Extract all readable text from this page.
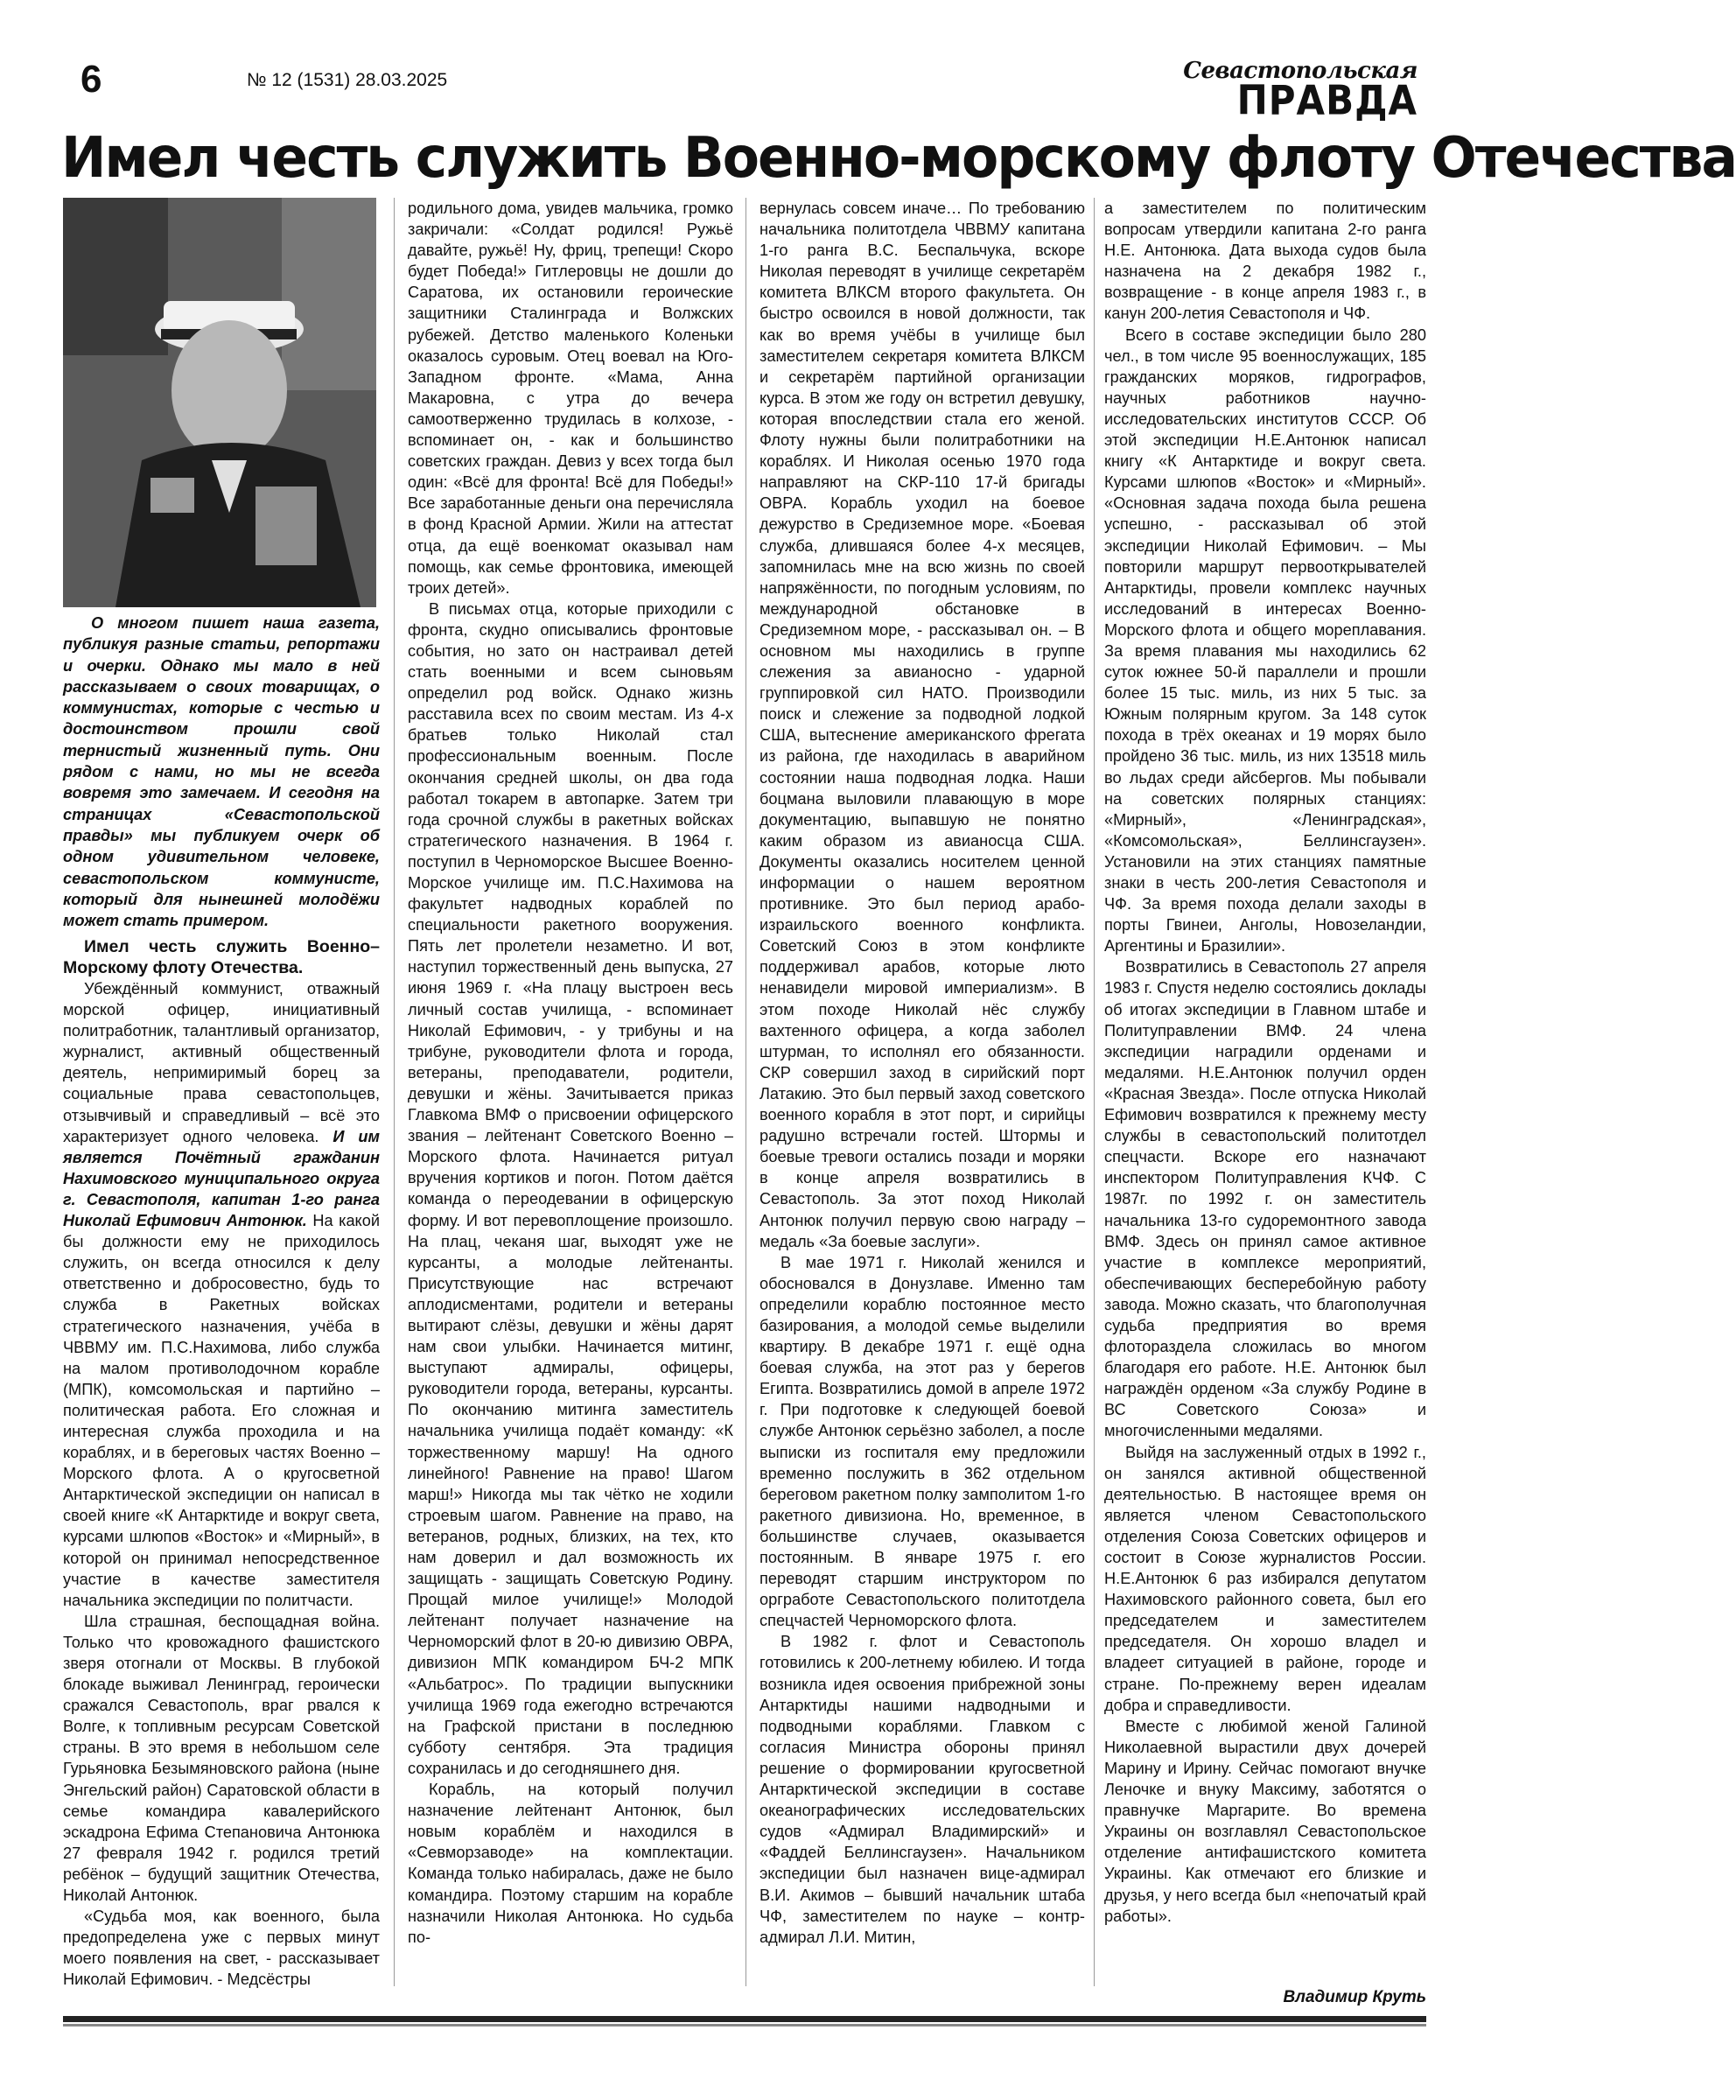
6	№ 12 (1531) 28.03.2025	Севастопольская
ПРАВДА
Имел честь служить Военно-морскому флоту Отечества
О многом пишет наша газета, публикуя разные статьи, репортажи и очерки. Однако мы мало в ней рассказываем о своих товарищах, о коммунистах, которые с честью и достоинством прошли свой тернистый жизненный путь. Они рядом с нами, но мы не всегда вовремя это замечаем. И сегодня на страницах «Севастопольской правды» мы публикуем очерк об одном удивительном человеке, севастопольском коммунисте, который для нынешней молодёжи может стать примером.

Имел честь служить Военно–Морскому флоту Отечества.

Убеждённый коммунист, отважный морской офицер, инициативный политработник, талантливый организатор, журналист, активный общественный деятель, непримиримый борец за социальные права севастопольцев, отзывчивый и справедливый – всё это характеризует одного человека. И им является Почётный гражданин Нахимовского муниципального округа г. Севастополя, капитан 1-го ранга Николай Ефимович Антонюк. На какой бы должности ему не приходилось служить, он всегда относился к делу ответственно и добросовестно, будь то служба в Ракетных войсках стратегического назначения, учёба в ЧВВМУ им. П.С.Нахимова, либо служба на малом противолодочном корабле (МПК), комсомольская и партийно – политическая работа. Его сложная и интересная служба проходила и на кораблях, и в береговых частях Военно – Морского флота. А о кругосветной Антарктической экспедиции он написал в своей книге «К Антарктиде и вокруг света, курсами шлюпов «Восток» и «Мирный», в которой он принимал непосредственное участие в качестве заместителя начальника экспедиции по политчасти.

Шла страшная, беспощадная война. Только что кровожадного фашистского зверя отогнали от Москвы. В глубокой блокаде выживал Ленинград, героически сражался Севастополь, враг рвался к Волге, к топливным ресурсам Советской страны. В это время в небольшом селе Гурьяновка Безымяновского района (ныне Энгельский район) Саратовской области в семье командира кавалерийского эскадрона Ефима Степановича Антонюка 27 февраля 1942 г. родился третий ребёнок – будущий защитник Отечества, Николай Антонюк.

«Судьба моя, как военного, была предопределена уже с первых минут моего появления на свет, - рассказывает Николай Ефимович. - Медсёстры

родильного дома, увидев мальчика, громко закричали: «Солдат родился! Ружьё давайте, ружьё! Ну, фриц, трепещи! Скоро будет Победа!» Гитлеровцы не дошли до Саратова, их остановили героические защитники Сталинграда и Волжских рубежей. Детство маленького Коленьки оказалось суровым. Отец воевал на Юго-Западном фронте. «Мама, Анна Макаровна, с утра до вечера самоотверженно трудилась в колхозе, - вспоминает он, - как и большинство советских граждан. Девиз у всех тогда был один: «Всё для фронта! Всё для Победы!» Все заработанные деньги она перечисляла в фонд Красной Армии. Жили на аттестат отца, да ещё военкомат оказывал нам помощь, как семье фронтовика, имеющей троих детей».

В письмах отца, которые приходили с фронта, скудно описывались фронтовые события, но зато он настраивал детей стать военными и всем сыновьям определил род войск. Однако жизнь расставила всех по своим местам. Из 4-х братьев только Николай стал профессиональным военным. После окончания средней школы, он два года работал токарем в автопарке. Затем три года срочной службы в ракетных войсках стратегического назначения. В 1964 г. поступил в Черноморское Высшее Военно-Морское училище им. П.С.Нахимова на факультет надводных кораблей по специальности ракетного вооружения. Пять лет пролетели незаметно. И вот, наступил торжественный день выпуска, 27 июня 1969 г. «На плацу выстроен весь личный состав училища, - вспоминает Николай Ефимович, - у трибуны и на трибуне, руководители флота и города, ветераны, преподаватели, родители, девушки и жёны. Зачитывается приказ Главкома ВМФ о присвоении офицерского звания – лейтенант Советского Военно – Морского флота. Начинается ритуал вручения кортиков и погон. Потом даётся команда о переодевании в офицерскую форму. И вот перевоплощение произошло. На плац, чеканя шаг, выходят уже не курсанты, а молодые лейтенанты. Присутствующие нас встречают аплодисментами, родители и ветераны вытирают слёзы, девушки и жёны дарят нам свои улыбки. Начинается митинг, выступают адмиралы, офицеры, руководители города, ветераны, курсанты. По окончанию митинга заместитель начальника училища подаёт команду: «К торжественному маршу! На одного линейного! Равнение на право! Шагом марш!» Никогда мы так чётко не ходили строевым шагом. Равнение на право, на ветеранов, родных, близких, на тех, кто нам доверил и дал возможность их защищать - защищать Советскую Родину. Прощай милое училище!» Молодой лейтенант получает назначение на Черноморский флот в 20-ю дивизию ОВРА, дивизион МПК командиром БЧ-2 МПК «Альбатрос». По традиции выпускники училища 1969 года ежегодно встречаются на Графской пристани в последнюю субботу сентября. Эта традиция сохранилась и до сегодняшнего дня.

Корабль, на который получил назначение лейтенант Антонюк, был новым кораблём и находился в «Севморзаводе» на комплектации. Команда только набиралась, даже не было командира. Поэтому старшим на корабле назначили Николая Антонюка. Но судьба по-

вернулась совсем иначе… По требованию начальника политотдела ЧВВМУ капитана 1-го ранга В.С. Беспальчука, вскоре Николая переводят в училище секретарём комитета ВЛКСМ второго факультета. Он быстро освоился в новой должности, так как во время учёбы в училище был заместителем секретаря комитета ВЛКСМ и секретарём партийной организации курса. В этом же году он встретил девушку, которая впоследствии стала его женой. Флоту нужны были политработники на кораблях. И Николая осенью 1970 года направляют на СКР-110 17-й бригады ОВРА. Корабль уходил на боевое дежурство в Средиземное море. «Боевая служба, длившаяся более 4-х месяцев, запомнилась мне на всю жизнь по своей напряжённости, по погодным условиям, по международной обстановке в Средиземном море, - рассказывал он. – В основном мы находились в группе слежения за авианосно - ударной группировкой сил НАТО. Производили поиск и слежение за подводной лодкой США, вытеснение американского фрегата из района, где находилась в аварийном состоянии наша подводная лодка. Наши боцмана выловили плавающую в море документацию, выпавшую не понятно каким образом из авианосца США. Документы оказались носителем ценной информации о нашем вероятном противнике. Это был период арабо-израильского военного конфликта. Советский Союз в этом конфликте поддерживал арабов, которые люто ненавидели мировой империализм». В этом походе Николай нёс службу вахтенного офицера, а когда заболел штурман, то исполнял его обязанности. СКР совершил заход в сирийский порт Латакию. Это был первый заход советского военного корабля в этот порт, и сирийцы радушно встречали гостей. Штормы и боевые тревоги остались позади и моряки в конце апреля возвратились в Севастополь. За этот поход Николай Антонюк получил первую свою награду – медаль «За боевые заслуги».

В мае 1971 г. Николай женился и обосновался в Донузлаве. Именно там определили кораблю постоянное место базирования, а молодой семье выделили квартиру. В декабре 1971 г. ещё одна боевая служба, на этот раз у берегов Египта. Возвратились домой в апреле 1972 г. При подготовке к следующей боевой службе Антонюк серьёзно заболел, а после выписки из госпиталя ему предложили временно послужить в 362 отдельном береговом ракетном полку замполитом 1-го ракетного дивизиона. Но, временное, в большинстве случаев, оказывается постоянным. В январе 1975 г. его переводят старшим инструктором по оргработе Севастопольского политотдела спецчастей Черноморского флота.

В 1982 г. флот и Севастополь готовились к 200-летнему юбилею. И тогда возникла идея освоения прибрежной зоны Антарктиды нашими надводными и подводными кораблями. Главком с согласия Министра обороны принял решение о формировании кругосветной Антарктической экспедиции в составе океанографических исследовательских судов «Адмирал Владимирский» и «Фаддей Беллинсгаузен». Начальником экспедиции был назначен вице-адмирал В.И. Акимов – бывший начальник штаба ЧФ, заместителем по науке – контр-адмирал Л.И. Митин,

а заместителем по политическим вопросам утвердили капитана 2-го ранга Н.Е. Антонюка. Дата выхода судов была назначена на 2 декабря 1982 г., возвращение - в конце апреля 1983 г., в канун 200-летия Севастополя и ЧФ.

Всего в составе экспедиции было 280 чел., в том числе 95 военнослужащих, 185 гражданских моряков, гидрографов, научных работников научно-исследовательских институтов СССР. Об этой экспедиции Н.Е.Антонюк написал книгу «К Антарктиде и вокруг света. Курсами шлюпов «Восток» и «Мирный». «Основная задача похода была решена успешно, - рассказывал об этой экспедиции Николай Ефимович. – Мы повторили маршрут первооткрывателей Антарктиды, провели комплекс научных исследований в интересах Военно-Морского флота и общего мореплавания. За время плавания мы находились 62 суток южнее 50-й параллели и прошли более 15 тыс. миль, из них 5 тыс. за Южным полярным кругом. За 148 суток похода в трёх океанах и 19 морях было пройдено 36 тыс. миль, из них 13518 миль во льдах среди айсбергов. Мы побывали на советских полярных станциях: «Мирный», «Ленинградская», «Комсомольская», Беллинсгаузен». Установили на этих станциях памятные знаки в честь 200-летия Севастополя и ЧФ. За время похода делали заходы в порты Гвинеи, Анголы, Новозеландии, Аргентины и Бразилии».

Возвратились в Севастополь 27 апреля 1983 г. Спустя неделю состоялись доклады об итогах экспедиции в Главном штабе и Политуправлении ВМФ. 24 члена экспедиции наградили орденами и медалями. Н.Е.Антонюк получил орден «Красная Звезда». После отпуска Николай Ефимович возвратился к прежнему месту службы в севастопольский политотдел спецчасти. Вскоре его назначают инспектором Политуправления КЧФ. С 1987г. по 1992 г. он заместитель начальника 13-го судоремонтного завода ВМФ. Здесь он принял самое активное участие в комплексе мероприятий, обеспечивающих бесперебойную работу завода. Можно сказать, что благополучная судьба предприятия во время флотораздела сложилась во многом благодаря его работе. Н.Е. Антонюк был награждён орденом «За службу Родине в ВС Советского Союза» и многочисленными медалями.

Выйдя на заслуженный отдых в 1992 г., он занялся активной общественной деятельностью. В настоящее время он является членом Севастопольского отделения Союза Советских офицеров и состоит в Союзе журналистов России. Н.Е.Антонюк 6 раз избирался депутатом Нахимовского районного совета, был его председателем и заместителем председателя. Он хорошо владел и владеет ситуацией в районе, городе и стране. По-прежнему верен идеалам добра и справедливости.

Вместе с любимой женой Галиной Николаевной вырастили двух дочерей Марину и Ирину. Сейчас помогают внучке Леночке и внуку Максиму, заботятся о правнучке Маргарите. Во времена Украины он возглавлял Севастопольское отделение антифашистского комитета Украины. Как отмечают его близкие и друзья, у него всегда был «непочатый край работы».

Владимир Круть
